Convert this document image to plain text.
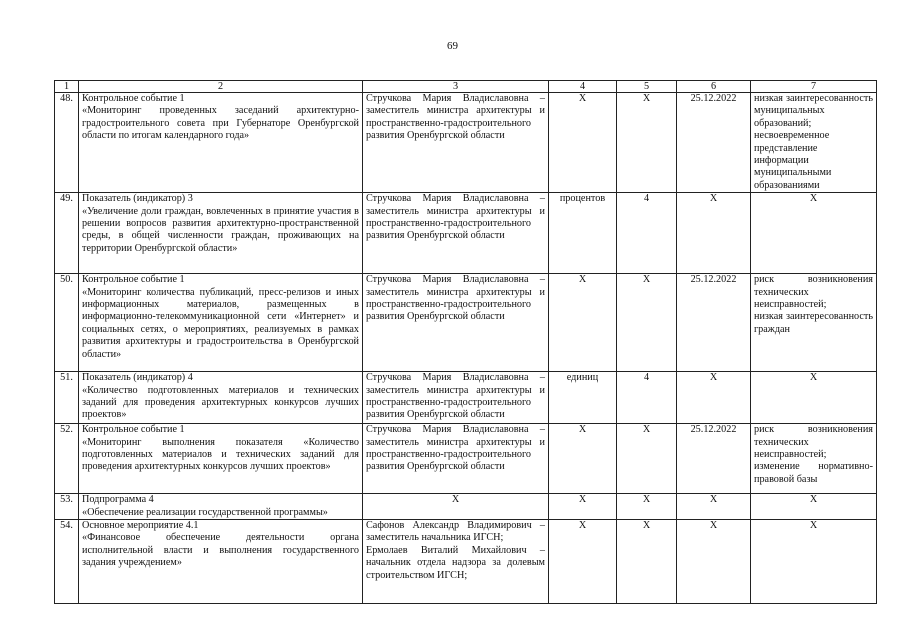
69
1	2	3	4	5	6	7
48.	Контрольное событие 1
«Мониторинг проведенных заседаний архитектурно-градостроительного совета при Губернаторе Оренбургской области по итогам календарного года»	Стручкова Мария Владиславовна – заместитель министра архитектуры и пространственно-градостроительного развития Оренбургской области	X	X	25.12.2022	низкая заинтересованность муниципальных образований;
несвоевременное представление информации муниципальными образованиями

49.	Показатель (индикатор) 3
«Увеличение доли граждан, вовлеченных в принятие участия в решении вопросов развития архитектурно-пространственной среды, в общей численности граждан, проживающих на территории Оренбургской области»	Стручкова Мария Владиславовна – заместитель министра архитектуры и пространственно-градостроительного развития Оренбургской области	процентов	4	X	X

50.	Контрольное событие 1
«Мониторинг количества публикаций, пресс-релизов и иных информационных материалов, размещенных в информационно-телекоммуникационной сети «Интернет» и социальных сетях, о мероприятиях, реализуемых в рамках развития архитектуры и градостроительства в Оренбургской области»	Стручкова Мария Владиславовна – заместитель министра архитектуры и пространственно-градостроительного развития Оренбургской области	X	X	25.12.2022	риск возникновения технических неисправностей;
низкая заинтересованность граждан

51.	Показатель (индикатор) 4
«Количество подготовленных материалов и технических заданий для проведения архитектурных конкурсов лучших проектов»	Стручкова Мария Владиславовна – заместитель министра архитектуры и пространственно-градостроительного развития Оренбургской области	единиц	4	X	X

52.	Контрольное событие 1
«Мониторинг выполнения показателя «Количество подготовленных материалов и технических заданий для проведения архитектурных конкурсов лучших проектов»	Стручкова Мария Владиславовна – заместитель министра архитектуры и пространственно-градостроительного развития Оренбургской области	X	X	25.12.2022	риск возникновения технических неисправностей;
изменение нормативно-правовой базы

53.	Подпрограмма 4
«Обеспечение реализации государственной программы»	X	X	X	X	X

54.	Основное мероприятие 4.1
«Финансовое обеспечение деятельности органа исполнительной власти и выполнения государственного задания учреждением»	Сафонов Александр Владимирович – заместитель начальника ИГСН;
Ермолаев Виталий Михайлович – начальник отдела надзора за долевым строительством ИГСН;	X	X	X	X
